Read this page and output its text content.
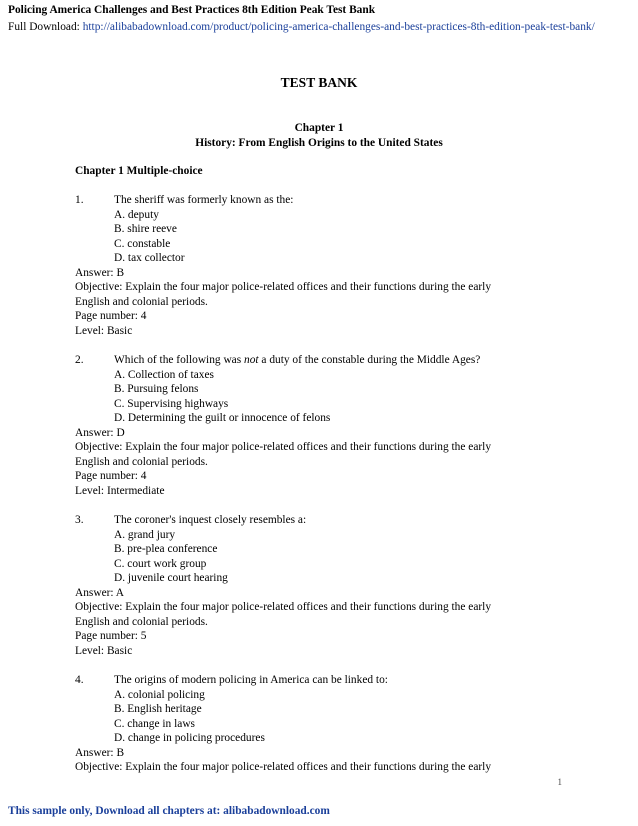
Policing America Challenges and Best Practices 8th Edition Peak Test Bank
Full Download: http://alibabadownload.com/product/policing-america-challenges-and-best-practices-8th-edition-peak-test-bank/
TEST BANK
Chapter 1
History: From English Origins to the United States
Chapter 1 Multiple-choice
1.	The sheriff was formerly known as the:
A. deputy
B. shire reeve
C. constable
D. tax collector
Answer: B
Objective: Explain the four major police-related offices and their functions during the early
English and colonial periods.
Page number: 4
Level: Basic
2.	Which of the following was not a duty of the constable during the Middle Ages?
A. Collection of taxes
B. Pursuing felons
C. Supervising highways
D. Determining the guilt or innocence of felons
Answer: D
Objective: Explain the four major police-related offices and their functions during the early
English and colonial periods.
Page number: 4
Level: Intermediate
3.	The coroner's inquest closely resembles a:
A. grand jury
B. pre-plea conference
C. court work group
D. juvenile court hearing
Answer: A
Objective: Explain the four major police-related offices and their functions during the early
English and colonial periods.
Page number: 5
Level: Basic
4.	The origins of modern policing in America can be linked to:
A. colonial policing
B. English heritage
C. change in laws
D. change in policing procedures
Answer: B
Objective: Explain the four major police-related offices and their functions during the early
1
This sample only, Download all chapters at: alibabadownload.com
